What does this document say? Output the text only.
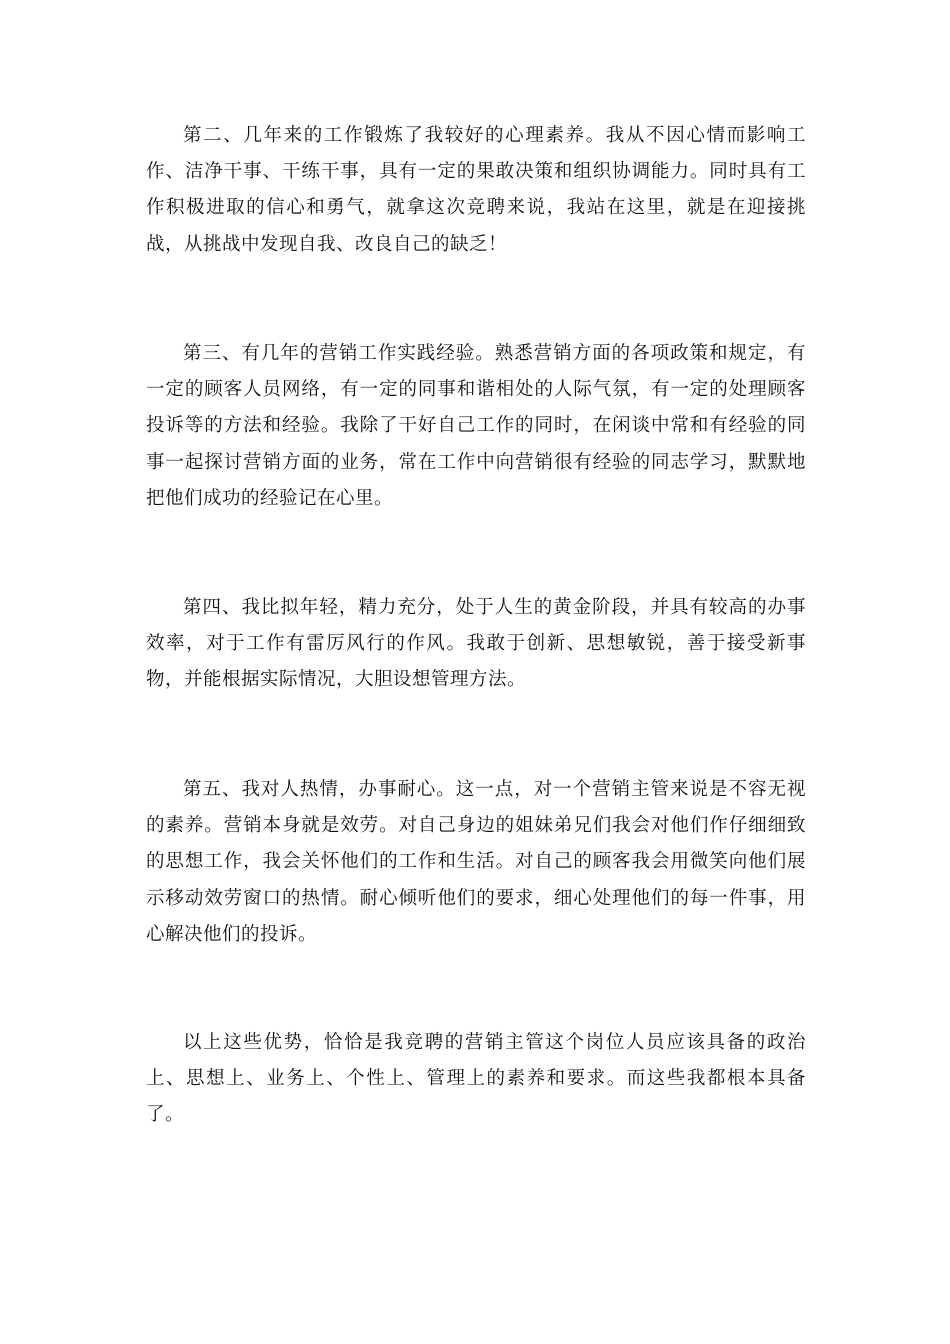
第二、几年来的工作锻炼了我较好的心理素养。我从不因心情而影响工作、洁净干事、干练干事，具有一定的果敢决策和组织协调能力。同时具有工作积极进取的信心和勇气，就拿这次竞聘来说，我站在这里，就是在迎接挑战，从挑战中发现自我、改良自己的缺乏！

第三、有几年的营销工作实践经验。熟悉营销方面的各项政策和规定，有一定的顾客人员网络，有一定的同事和谐相处的人际气氛，有一定的处理顾客投诉等的方法和经验。我除了干好自己工作的同时，在闲谈中常和有经验的同事一起探讨营销方面的业务，常在工作中向营销很有经验的同志学习，默默地把他们成功的经验记在心里。

第四、我比拟年轻，精力充分，处于人生的黄金阶段，并具有较高的办事效率，对于工作有雷厉风行的作风。我敢于创新、思想敏锐，善于接受新事物，并能根据实际情况，大胆设想管理方法。

第五、我对人热情，办事耐心。这一点，对一个营销主管来说是不容无视的素养。营销本身就是效劳。对自己身边的姐妹弟兄们我会对他们作仔细细致的思想工作，我会关怀他们的工作和生活。对自己的顾客我会用微笑向他们展示移动效劳窗口的热情。耐心倾听他们的要求，细心处理他们的每一件事，用心解决他们的投诉。

以上这些优势，恰恰是我竞聘的营销主管这个岗位人员应该具备的政治上、思想上、业务上、个性上、管理上的素养和要求。而这些我都根本具备了。
